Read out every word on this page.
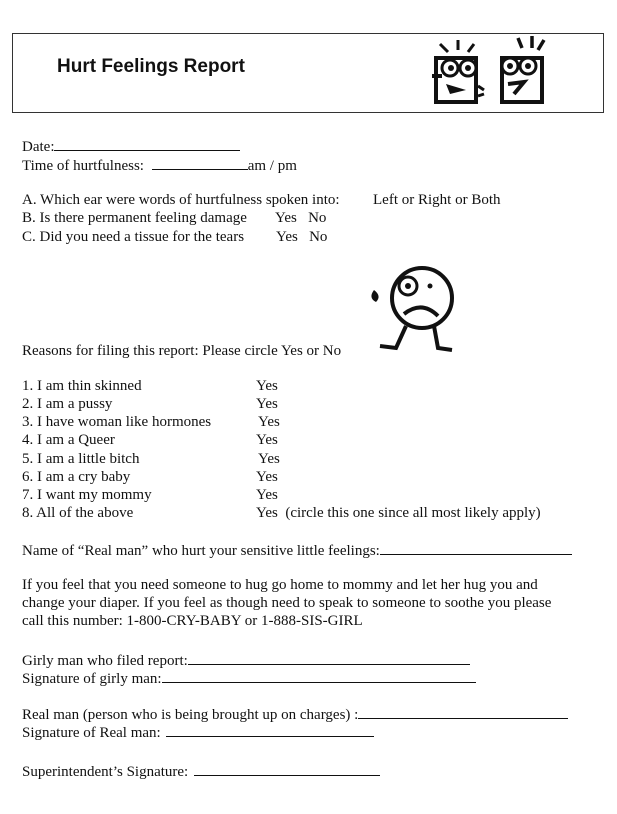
Hurt Feelings Report
Date:
Time of hurtfulness:	am / pm
A. Which ear were words of hurtfulness spoken into: Left or Right or Both
B. Is there permanent feeling damage Yes   No
C. Did you need a tissue for the tears Yes   No
Reasons for filing this report: Please circle Yes or No
1. I am thin skinned	Yes
2. I am a pussy	Yes
3. I have woman like hormones	Yes
4. I am a Queer	Yes
5. I am a little bitch	Yes
6. I am a cry baby	Yes
7. I want my mommy	Yes
8. All of the above	Yes  (circle this one since all most likely apply)
Name of “Real man” who hurt your sensitive little feelings:
If you feel that you need someone to hug go home to mommy and let her hug you and
change your diaper. If you feel as though need to speak to someone to soothe you please
call this number: 1-800-CRY-BABY or 1-888-SIS-GIRL
Girly man who filed report:
Signature of girly man:
Real man (person who is being brought up on charges) :
Signature of Real man:
Superintendent’s Signature:
